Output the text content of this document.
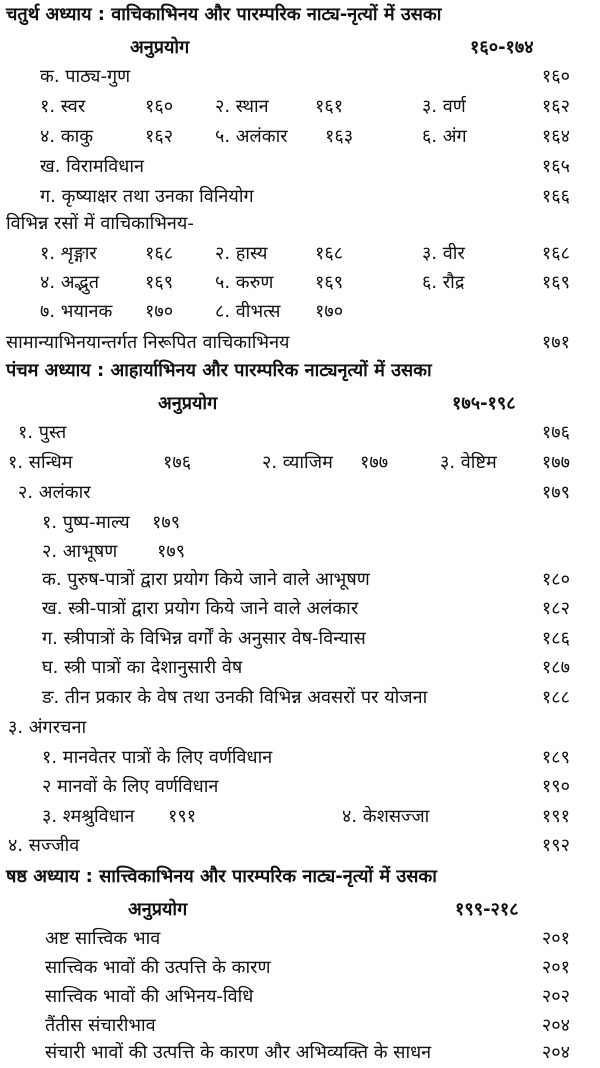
चतुर्थ अध्याय : वाचिकाभिनय और पारम्परिक नाट्य-नृत्यों में उसका
अनुप्रयोग	१६०-१७४
क. पाठ्य-गुण	१६०
१. स्वर	१६० २. स्थान	१६१	३. वर्ण	१६२
४. काकु	१६२ ५. अलंकार १६३	६. अंग	१६४
ख. विरामविधान	१६५
ग. कृष्याक्षर तथा उनका विनियोग	१६६
विभिन्न रसों में वाचिकाभिनय-
१. शृङ्गार	१६८ २. हास्य	१६८	३. वीर	१६८
४. अद्भुत	१६९ ५. करुण १६९	६. रौद्र	१६९
७. भयानक १७० ८. वीभत्स १७०
सामान्याभिनयान्तर्गत निरूपित वाचिकाभिनय	१७१
पंचम अध्याय : आहार्याभिनय और पारम्परिक नाट्यनृत्यों में उसका
अनुप्रयोग	१७५-१९८
१. पुस्त	१७६
१. सन्धिम	१७६	२. व्याजिम १७७	३. वेष्टिम	१७७
२. अलंकार	१७९
१. पुष्प-माल्य १७९
२. आभूषण १७९
क. पुरुष-पात्रों द्वारा प्रयोग किये जाने वाले आभूषण	१८०
ख. स्त्री-पात्रों द्वारा प्रयोग किये जाने वाले अलंकार	१८२
ग. स्त्रीपात्रों के विभिन्न वर्गों के अनुसार वेष-विन्यास	१८६
घ. स्त्री पात्रों का देशानुसारी वेष	१८७
ङ. तीन प्रकार के वेष तथा उनकी विभिन्न अवसरों पर योजना	१८८
३. अंगरचना
१. मानवेतर पात्रों के लिए वर्णविधान	१८९
२ मानवों के लिए वर्णविधान	१९०
३. श्मश्रुविधान १९१	४. केशसज्जा	१९१
४. सज्जीव	१९२
षष्ठ अध्याय : सात्त्विकाभिनय और पारम्परिक नाट्य-नृत्यों में उसका
अनुप्रयोग	१९९-२१८
अष्ट सात्त्विक भाव	२०१
सात्त्विक भावों की उत्पत्ति के कारण	२०१
सात्त्विक भावों की अभिनय-विधि	२०२
तैंतीस संचारीभाव	२०४
संचारी भावों की उत्पत्ति के कारण और अभिव्यक्ति के साधन	२०४
